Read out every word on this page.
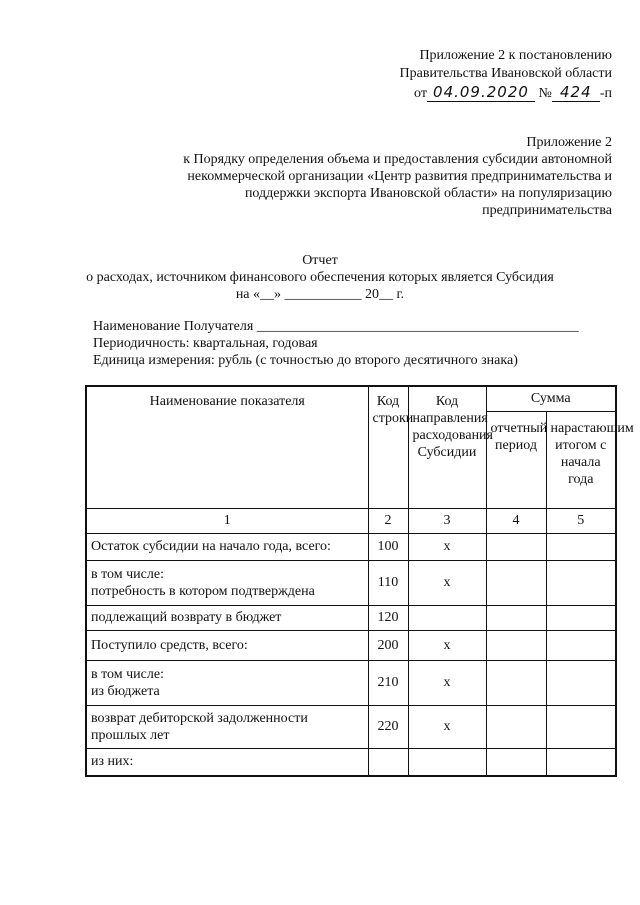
Приложение 2 к постановлению
Правительства Ивановской области
от 04.09.2020 № 424 -п
Приложение 2
к Порядку определения объема и предоставления субсидии автономной
некоммерческой организации «Центр развития предпринимательства и
поддержки экспорта Ивановской области» на популяризацию
предпринимательства
Отчет
о расходах, источником финансового обеспечения которых является Субсидия
на «__» ___________ 20__ г.
Наименование Получателя ______________________________________________
Периодичность: квартальная, годовая
Единица измерения: рубль (с точностью до второго десятичного знака)
Наименование показателя	Код строки	Код направления расходования Субсидии	Сумма	
			отчетный период	нарастающим итогом с начала года
1	2	3	4	5
Остаток субсидии на начало года, всего:	100	х		
в том числе:
потребность в котором подтверждена	110	х		
подлежащий возврату в бюджет	120			
Поступило средств, всего:	200	х		
в том числе:
из бюджета	210	х		
возврат дебиторской задолженности
прошлых лет	220	х		
из них:				
